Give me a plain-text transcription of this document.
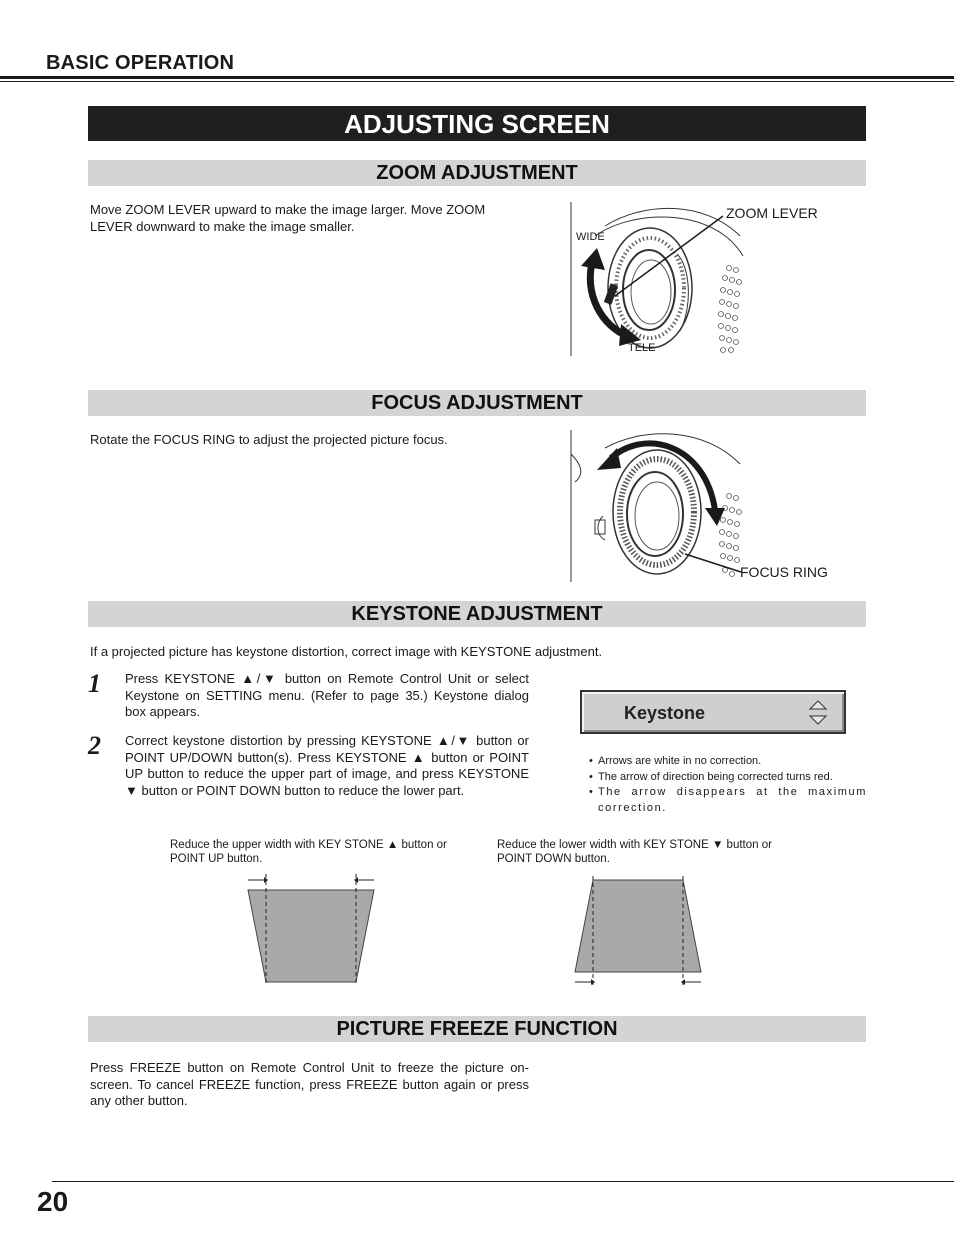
BASIC OPERATION
ADJUSTING SCREEN
ZOOM ADJUSTMENT
Move ZOOM LEVER upward to make the image larger. Move ZOOM LEVER downward to make the image smaller.
ZOOM LEVER
WIDE
TELE
FOCUS ADJUSTMENT
Rotate the FOCUS RING to adjust the projected picture focus.
FOCUS RING
KEYSTONE ADJUSTMENT
If a projected picture has keystone distortion, correct image with KEYSTONE adjustment.
1 Press KEYSTONE ▲/▼ button on Remote Control Unit or select Keystone on SETTING menu. (Refer to page 35.) Keystone dialog box appears.
2 Correct keystone distortion by pressing KEYSTONE ▲/▼ button or POINT UP/DOWN button(s). Press KEYSTONE ▲ button or POINT UP button to reduce the upper part of image, and press KEYSTONE ▼ button or POINT DOWN button to reduce the lower part.
Keystone
• Arrows are white in no correction.
• The arrow of direction being corrected turns red.
• The arrow disappears at the maximum correction.
Reduce the upper width with KEY STONE ▲ button or POINT UP button.
Reduce the lower width with KEY STONE ▼ button or POINT DOWN button.
PICTURE FREEZE FUNCTION
Press FREEZE button on Remote Control Unit to freeze the picture on-screen. To cancel FREEZE function, press FREEZE button again or press any other button.
20
